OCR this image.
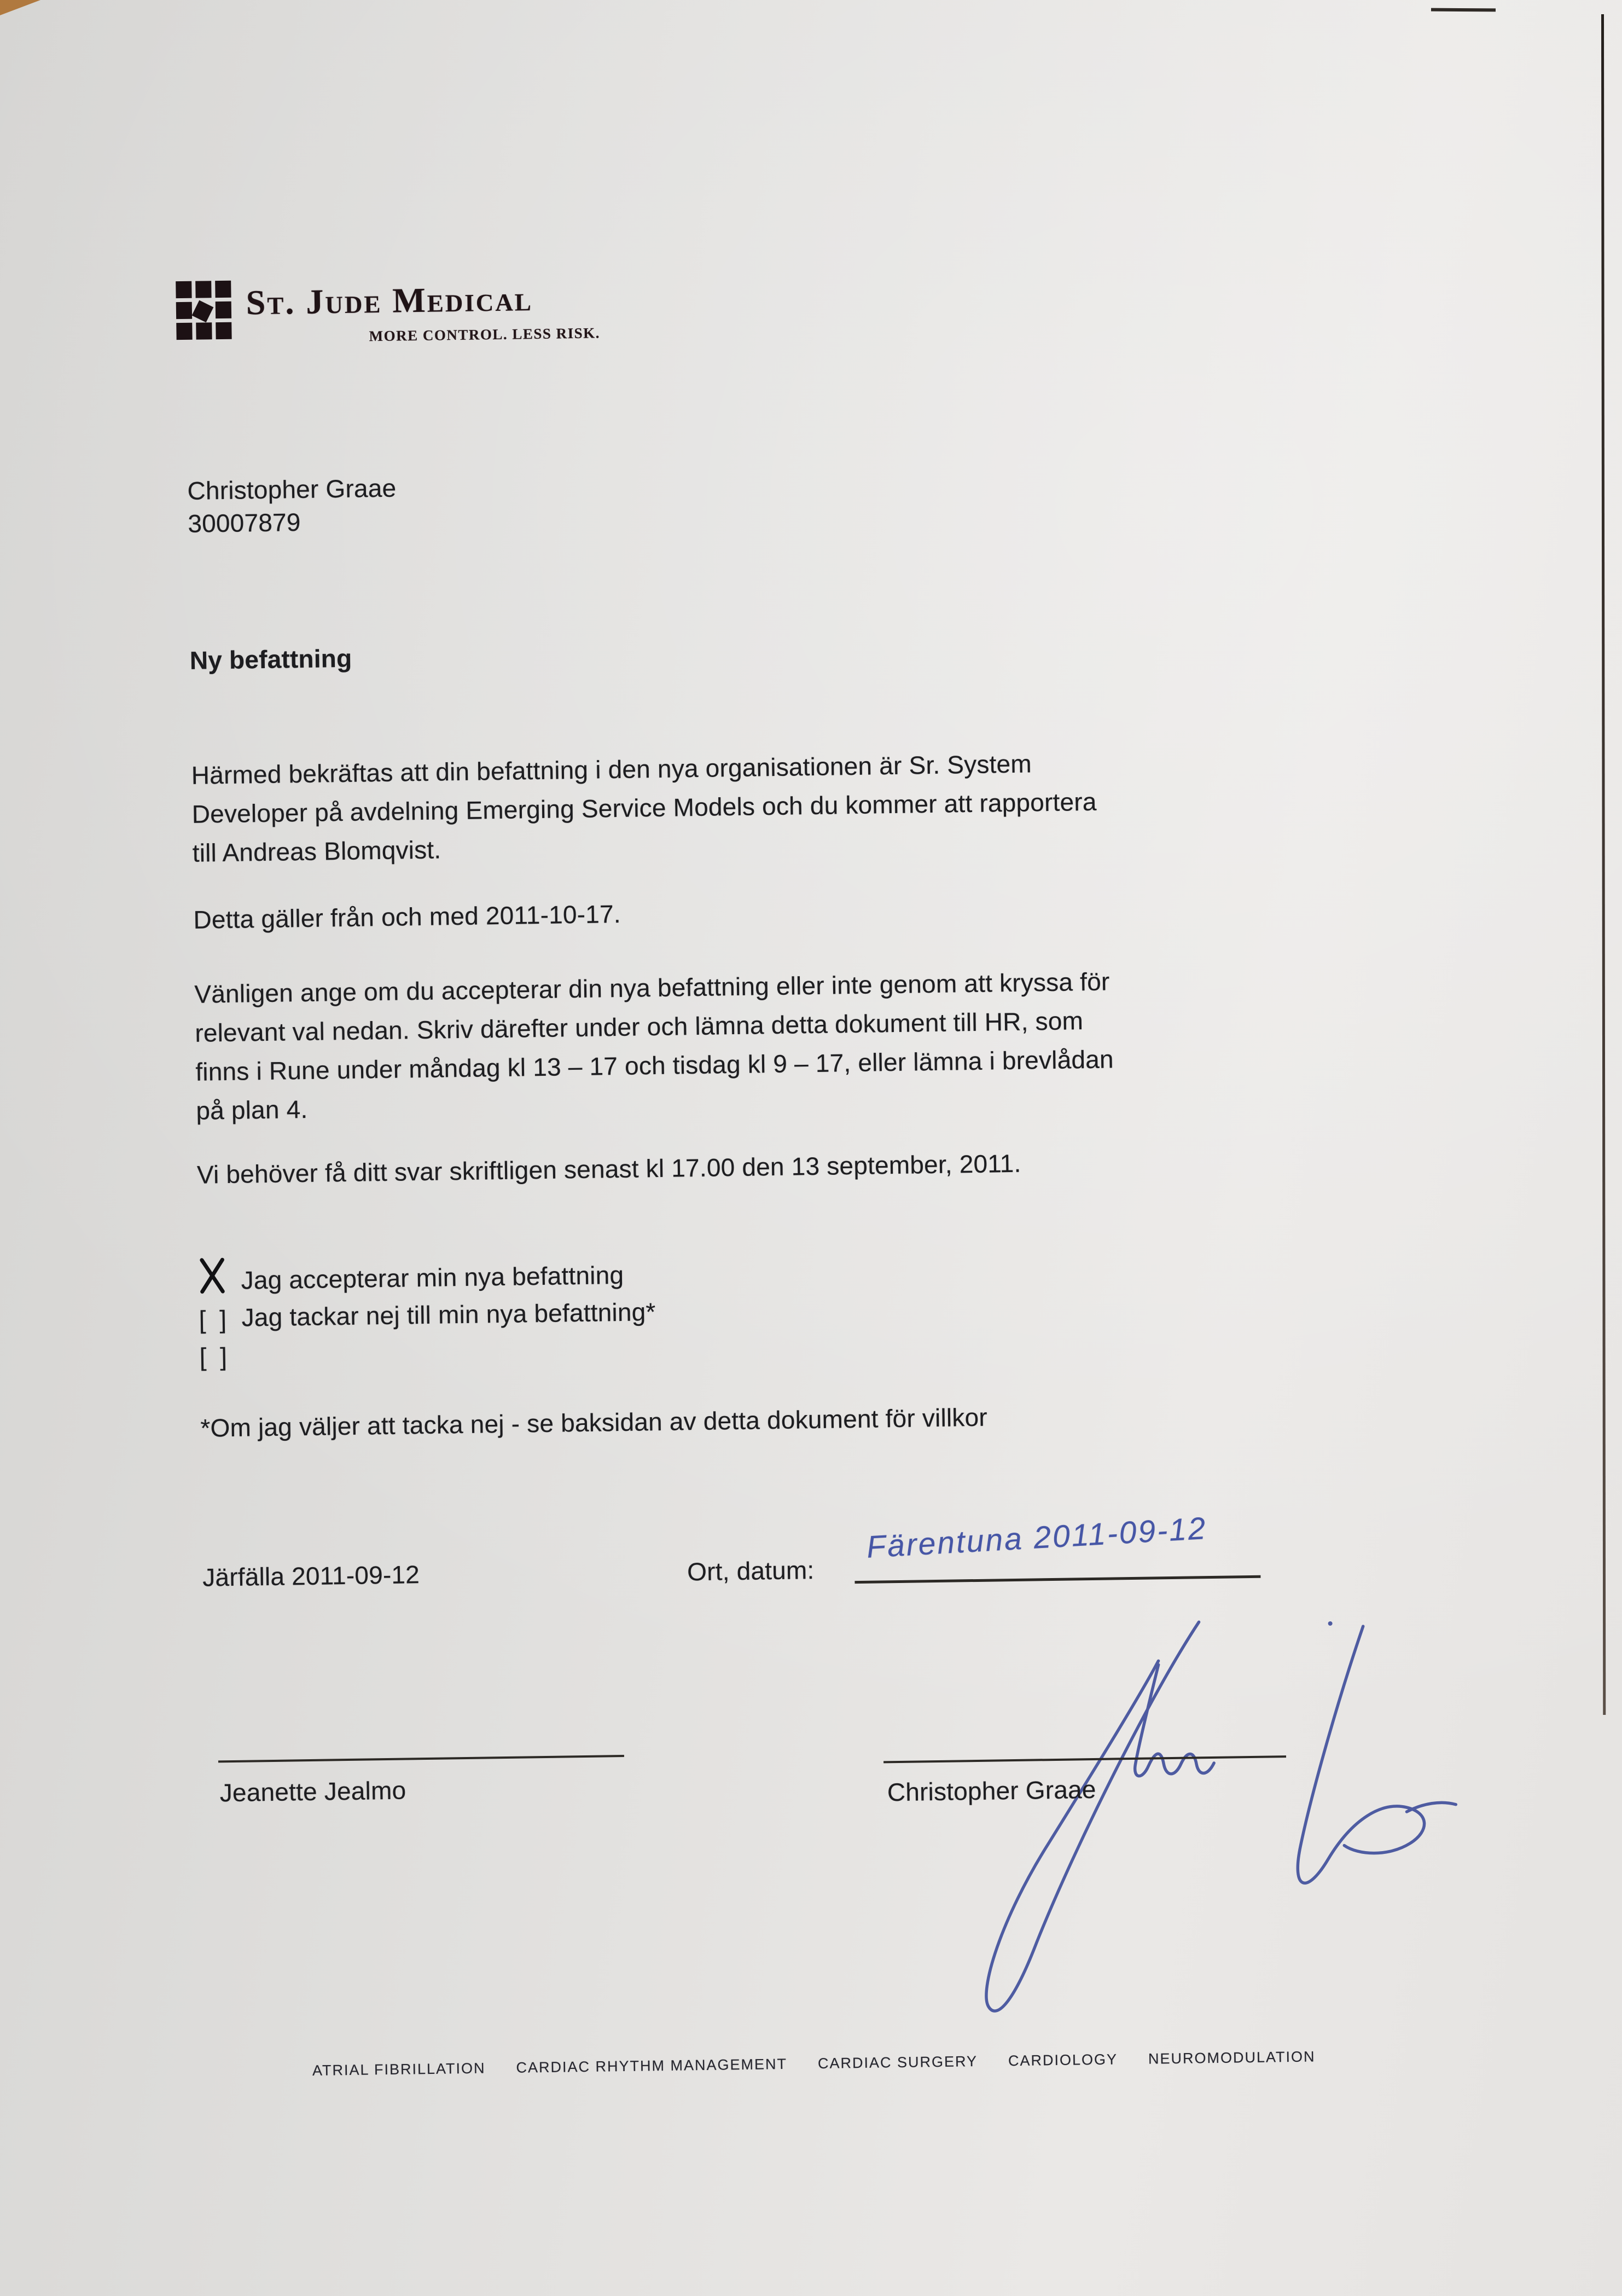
St. Jude Medical
MORE CONTROL. LESS RISK.
Christopher Graae
30007879
Ny befattning
Härmed bekräftas att din befattning i den nya organisationen är Sr. System
Developer på avdelning Emerging Service Models och du kommer att rapportera
till Andreas Blomqvist.
Detta gäller från och med 2011-10-17.
Vänligen ange om du accepterar din nya befattning eller inte genom att kryssa för
relevant val nedan. Skriv därefter under och lämna detta dokument till HR, som
finns i Rune under måndag kl 13 – 17 och tisdag kl 9 – 17, eller lämna i brevlådan
på plan 4.
Vi behöver få ditt svar skriftligen senast kl 17.00 den 13 september, 2011.

[ ]

Jag accepterar min nya befattning

[ ]

Jag tackar nej till min nya befattning*
*Om jag väljer att tacka nej - se baksidan av detta dokument för villkor
Järfälla 2011-09-12	Ort, datum:
Färentuna 2011-09-12
Jeanette Jealmo	Christopher Graae
ATRIAL FIBRILLATION CARDIAC RHYTHM MANAGEMENT CARDIAC SURGERY CARDIOLOGY NEUROMODULATION
